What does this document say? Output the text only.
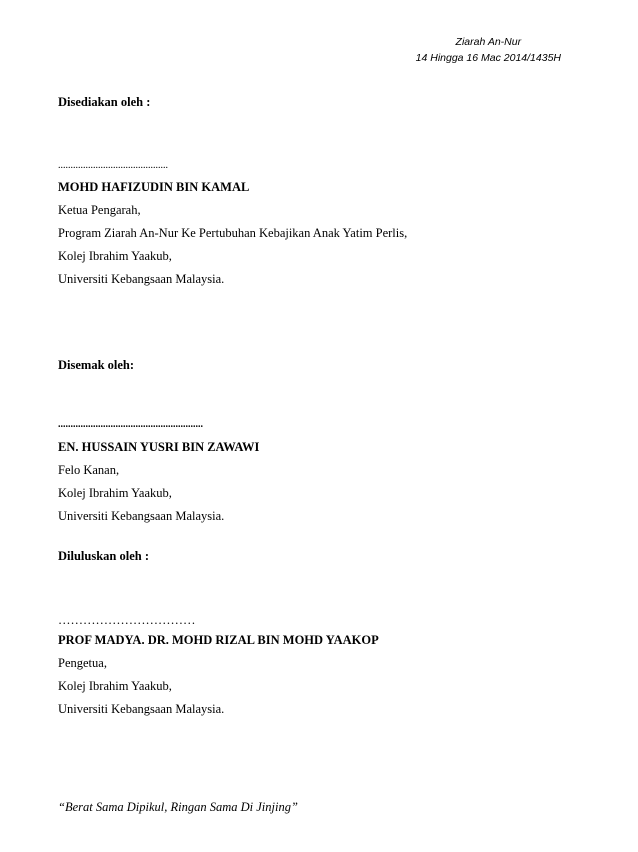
Ziarah An-Nur
14 Hingga 16 Mac 2014/1435H
Disediakan oleh :
............................................
MOHD HAFIZUDIN BIN KAMAL
Ketua Pengarah,
Program Ziarah An-Nur Ke Pertubuhan Kebajikan Anak Yatim Perlis,
Kolej Ibrahim Yaakub,
Universiti Kebangsaan Malaysia.
Disemak oleh:
..........................................................
EN. HUSSAIN YUSRI BIN ZAWAWI
Felo Kanan,
Kolej Ibrahim Yaakub,
Universiti Kebangsaan Malaysia.
Diluluskan oleh :
……………………………
PROF MADYA. DR. MOHD RIZAL BIN MOHD YAAKOP
Pengetua,
Kolej Ibrahim Yaakub,
Universiti Kebangsaan Malaysia.
“Berat Sama Dipikul, Ringan Sama Di Jinjing”
